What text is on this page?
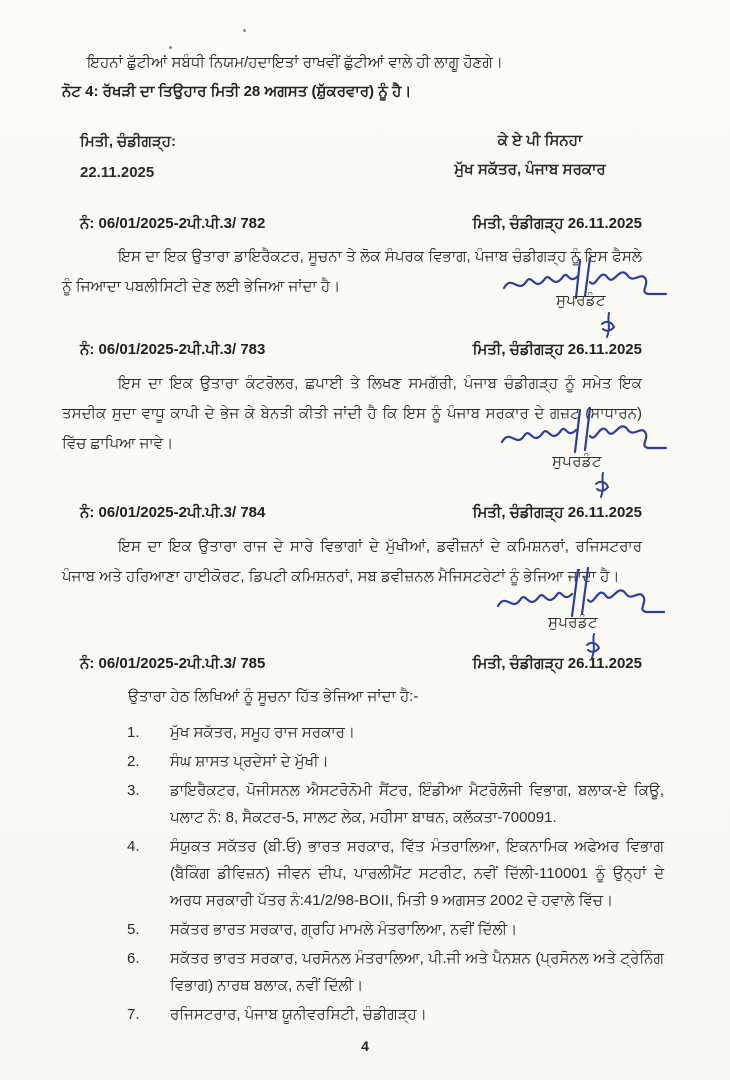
ਇਹਨਾਂ ਛੁੱਟੀਆਂ ਸਬੰਧੀ ਨਿਯਮ/ਹਦਾਇਤਾਂ ਰਾਖਵੀਂ ਛੁੱਟੀਆਂ ਵਾਲੇ ਹੀ ਲਾਗੂ ਹੋਣਗੇ।
ਨੋਟ 4: ਰੱਖੜੀ ਦਾ ਤਿਉਹਾਰ ਮਿਤੀ 28 ਅਗਸਤ (ਸ਼ੁੱਕਰਵਾਰ) ਨੂੰ ਹੈ।
ਮਿਤੀ, ਚੰਡੀਗੜ੍ਹ:
22.11.2025
ਕੇ ਏ ਪੀ ਸਿਨਹਾ
ਮੁੱਖ ਸਕੱਤਰ, ਪੰਜਾਬ ਸਰਕਾਰ
ਨੰ: 06/01/2025-2ਪੀ.ਪੀ.3/ 782	ਮਿਤੀ, ਚੰਡੀਗੜ੍ਹ 26.11.2025
ਇਸ ਦਾ ਇਕ ਉਤਾਰਾ ਡਾਇਰੈਕਟਰ, ਸੂਚਨਾ ਤੇ ਲੋਕ ਸੰਪਰਕ ਵਿਭਾਗ, ਪੰਜਾਬ ਚੰਡੀਗੜ੍ਹ ਨੂੰ ਇਸ ਫੈਸਲੇ ਨੂੰ ਜਿਆਦਾ ਪਬਲੀਸਿਟੀ ਦੇਣ ਲਈ ਭੇਜਿਆ ਜਾਂਦਾ ਹੈ।
ਸੁਪਰਡੰਟ
ਨੰ: 06/01/2025-2ਪੀ.ਪੀ.3/ 783	ਮਿਤੀ, ਚੰਡੀਗੜ੍ਹ 26.11.2025
ਇਸ ਦਾ ਇਕ ਉਤਾਰਾ ਕੰਟਰੋਲਰ, ਛਪਾਈ ਤੇ ਲਿਖਣ ਸਮਗੱਰੀ, ਪੰਜਾਬ ਚੰਡੀਗੜ੍ਹ ਨੂੰ ਸਮੇਤ ਇਕ ਤਸਦੀਕ ਸੁਦਾ ਵਾਧੂ ਕਾਪੀ ਦੇ ਭੇਜ ਕੇ ਬੇਨਤੀ ਕੀਤੀ ਜਾਂਦੀ ਹੈ ਕਿ ਇਸ ਨੂੰ ਪੰਜਾਬ ਸਰਕਾਰ ਦੇ ਗਜ਼ਟ (ਸਾਧਾਰਨ) ਵਿੱਚ ਛਾਪਿਆ ਜਾਵੇ।
ਸੁਪਰਡੰਟ
ਨੰ: 06/01/2025-2ਪੀ.ਪੀ.3/ 784	ਮਿਤੀ, ਚੰਡੀਗੜ੍ਹ 26.11.2025
ਇਸ ਦਾ ਇਕ ਉਤਾਰਾ ਰਾਜ ਦੇ ਸਾਰੇ ਵਿਭਾਗਾਂ ਦੇ ਮੁੱਖੀਆਂ, ਡਵੀਜ਼ਨਾਂ ਦੇ ਕਮਿਸ਼ਨਰਾਂ, ਰਜਿਸਟਰਾਰ ਪੰਜਾਬ ਅਤੇ ਹਰਿਆਣਾ ਹਾਈਕੋਰਟ, ਡਿਪਟੀ ਕਮਿਸ਼ਨਰਾਂ, ਸਬ ਡਵੀਜ਼ਨਲ ਮੈਜਿਸਟਰੇਟਾਂ ਨੂੰ ਭੇਜਿਆ ਜਾਂਦਾ ਹੈ।
ਸੁਪਰਡੰਟ
ਨੰ: 06/01/2025-2ਪੀ.ਪੀ.3/ 785	ਮਿਤੀ, ਚੰਡੀਗੜ੍ਹ 26.11.2025
ਉਤਾਰਾ ਹੇਠ ਲਿਖਿਆਂ ਨੂੰ ਸੂਚਨਾ ਹਿੱਤ ਭੇਜਿਆ ਜਾਂਦਾ ਹੈ:-
1.	ਮੁੱਖ ਸਕੱਤਰ, ਸਮੂਹ ਰਾਜ ਸਰਕਾਰ।
2.	ਸੰਘ ਸ਼ਾਸਤ ਪ੍ਰਦੇਸਾਂ ਦੇ ਮੁੱਖੀ।
3.	ਡਾਇਰੈਕਟਰ, ਪੋਜੀਸਨਲ ਐਸਟਰੋਨੋਮੀ ਸੈਂਟਰ, ਇੰਡੀਆ ਮੈਟਰੋਲੋਜੀ ਵਿਭਾਗ, ਬਲਾਕ-ਏ ਕਿਊ, ਪਲਾਟ ਨੰ: 8, ਸੈਕਟਰ-5, ਸਾਲਟ ਲੇਕ, ਮਹੀਸਾ ਬਾਥਨ, ਕਲੱਕਤਾ-700091.
4.	ਸੰਯੁਕਤ ਸਕੱਤਰ (ਬੀ.ਓ) ਭਾਰਤ ਸਰਕਾਰ, ਵਿੱਤ ਮੰਤਰਾਲਿਆ, ਇਕਨਾਮਿਕ ਅਫੇਅਰ ਵਿਭਾਗ (ਬੈਕਿੰਗ ਡੀਵਿਜ਼ਨ) ਜੀਵਨ ਦੀਪ, ਪਾਰਲੀਮੈਂਟ ਸਟਰੀਟ, ਨਵੀਂ ਦਿੱਲੀ-110001 ਨੂੰ ਉਨ੍ਹਾਂ ਦੇ ਅਰਧ ਸਰਕਾਰੀ ਪੱਤਰ ਨੰ:41/2/98-BOII, ਮਿਤੀ 9 ਅਗਸਤ 2002 ਦੇ ਹਵਾਲੇ ਵਿੱਚ।
5.	ਸਕੱਤਰ ਭਾਰਤ ਸਰਕਾਰ, ਗ੍ਰਹਿ ਮਾਮਲੇ ਮੰਤਰਾਲਿਆ, ਨਵੀਂ ਦਿੱਲੀ।
6.	ਸਕੱਤਰ ਭਾਰਤ ਸਰਕਾਰ, ਪਰਸੋਨਲ ਮੰਤਰਾਲਿਆ, ਪੀ.ਜੀ ਅਤੇ ਪੈਨਸ਼ਨ (ਪ੍ਰਸੋਨਲ ਅਤੇ ਟ੍ਰੇਨਿੰਗ ਵਿਭਾਗ) ਨਾਰਥ ਬਲਾਕ, ਨਵੀਂ ਦਿੱਲੀ।
7.	ਰਜਿਸਟਰਾਰ, ਪੰਜਾਬ ਯੂਨੀਵਰਸਿਟੀ, ਚੰਡੀਗੜ੍ਹ।
4
